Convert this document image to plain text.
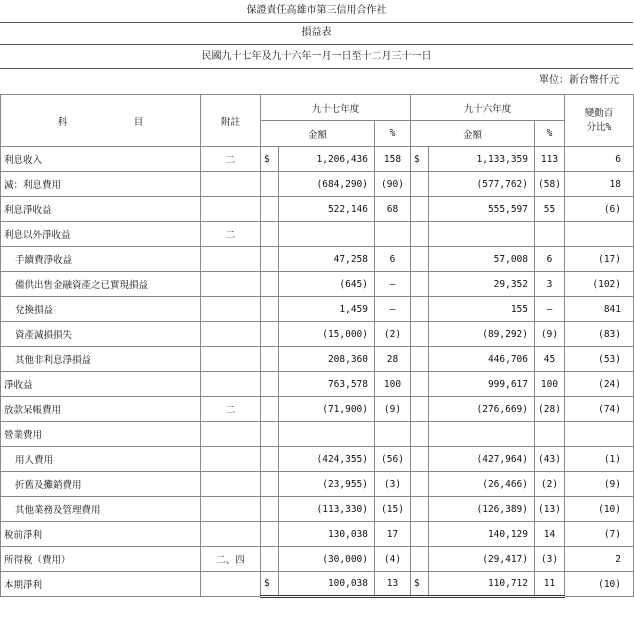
保證責任高雄市第三信用合作社
損益表
民國九十七年及九十六年一月一日至十二月三十一日
單位：新台幣仟元
科　　　　　　　目	附註	九十七年度			九十六年度			變動百
分比%
		金額		%	金額		%	
利息收入	二	$	1,206,436	158	$	1,133,359	113	6
減：利息費用			(684,290)	(90)		(577,762)	(58)	18
利息淨收益			522,146	68		555,597	55	(6)
利息以外淨收益	二							
手續費淨收益			47,258	6		57,008	6	(17)
備供出售金融資產之已實現損益			(645)	—		29,352	3	(102)
兌換損益			1,459	—		155	—	841
資產減損損失			(15,000)	(2)		(89,292)	(9)	(83)
其他非利息淨損益			208,360	28		446,706	45	(53)
淨收益			763,578	100		999,617	100	(24)
放款呆帳費用	二		(71,900)	(9)		(276,669)	(28)	(74)
營業費用								
用人費用			(424,355)	(56)		(427,964)	(43)	(1)
折舊及攤銷費用			(23,955)	(3)		(26,466)	(2)	(9)
其他業務及管理費用			(113,330)	(15)		(126,389)	(13)	(10)
稅前淨利			130,038	17		140,129	14	(7)
所得稅（費用）	二、四		(30,000)	(4)		(29,417)	(3)	2
本期淨利		$	100,038	13	$	110,712	11	(10)
